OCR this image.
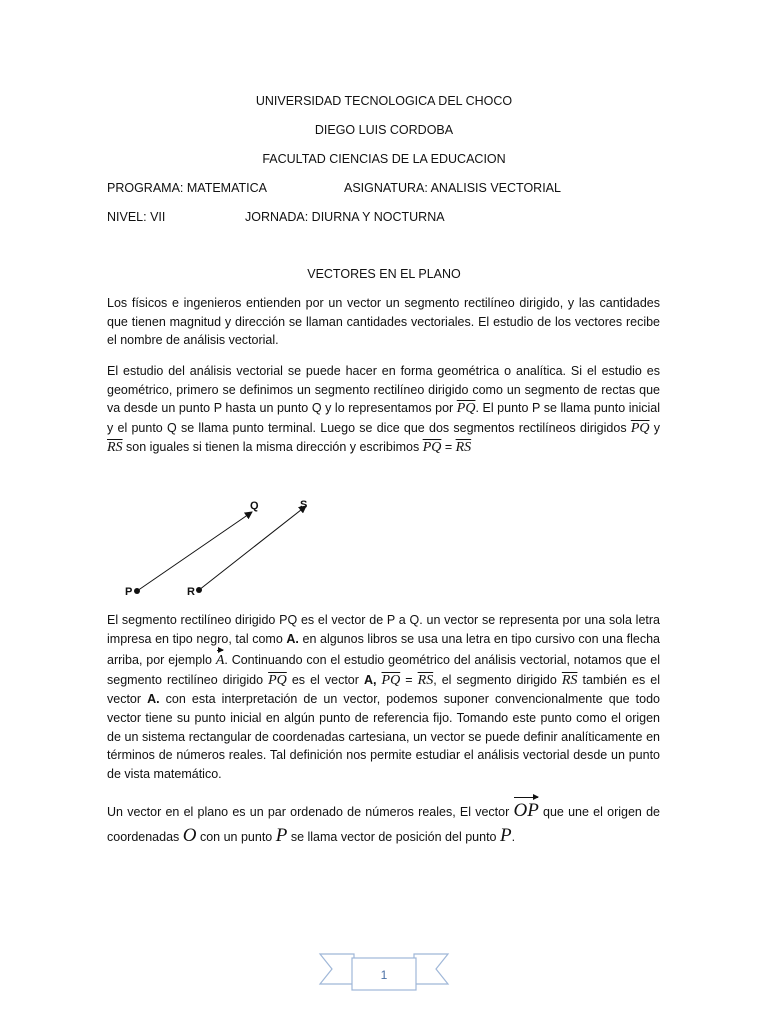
UNIVERSIDAD TECNOLOGICA DEL CHOCO
DIEGO LUIS CORDOBA
FACULTAD CIENCIAS DE LA EDUCACION
PROGRAMA: MATEMATICA	ASIGNATURA: ANALISIS VECTORIAL
NIVEL: VII	JORNADA: DIURNA Y NOCTURNA
VECTORES EN EL PLANO
Los físicos e ingenieros entienden por un vector un segmento rectilíneo dirigido, y las cantidades que tienen magnitud y dirección se llaman cantidades vectoriales. El estudio de los vectores recibe el nombre de análisis vectorial.
El estudio del análisis vectorial se puede hacer en forma geométrica o analítica. Si el estudio es geométrico, primero se definimos un segmento rectilíneo dirigido como un segmento de rectas que va desde un punto P hasta un punto Q y lo representamos por $\overline{PQ}$. El punto P se llama punto inicial y el punto Q se llama punto terminal. Luego se dice que dos segmentos rectilíneos dirigidos $\overline{PQ}$ y $\overline{RS}$ son iguales si tienen la misma dirección y escribimos $\overline{PQ} = \overline{RS}$
P	R
Q	S
El segmento rectilíneo dirigido PQ es el vector de P a Q. un vector se representa por una sola letra impresa en tipo negro, tal como A. en algunos libros se usa una letra en tipo cursivo con una flecha arriba, por ejemplo A. Continuando con el estudio geométrico del análisis vectorial, notamos que el segmento rectilíneo dirigido $\overline{PQ}$ es el vector A, $\overline{PQ} = \overline{RS}$, el segmento dirigido $\overline{RS}$ también es el vector A. con esta interpretación de un vector, podemos suponer convencionalmente que todo vector tiene su punto inicial en algún punto de referencia fijo. Tomando este punto como el origen de un sistema rectangular de coordenadas cartesiana, un vector se puede definir analíticamente en términos de números reales. Tal definición nos permite estudiar el análisis vectorial desde un punto de vista matemático.
Un vector en el plano es un par ordenado de números reales, El vector OP que une el origen de coordenadas O con un punto P se llama vector de posición del punto P.
1
